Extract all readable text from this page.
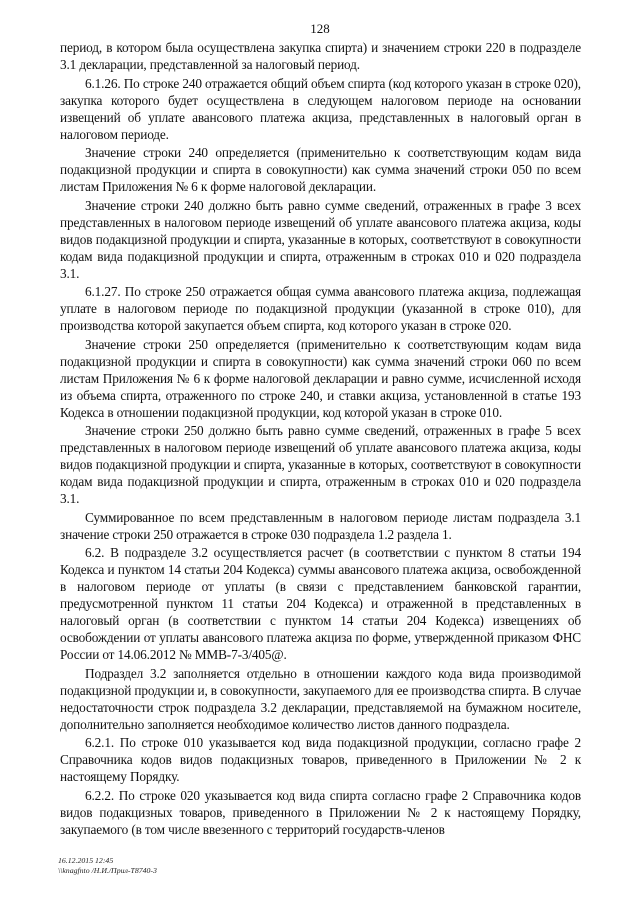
128

период, в котором была осуществлена закупка спирта) и значением строки 220 в подразделе 3.1 декларации, представленной за налоговый период.

6.1.26. По строке 240 отражается общий объем спирта (код которого указан в строке 020), закупка которого будет осуществлена в следующем налоговом периоде на основании извещений об уплате авансового платежа акциза, представленных в налоговый орган в налоговом периоде.

Значение строки 240 определяется (применительно к соответствующим кодам вида подакцизной продукции и спирта в совокупности) как сумма значений строки 050 по всем листам Приложения № 6 к форме налоговой декларации.

Значение строки 240 должно быть равно сумме сведений, отраженных в графе 3 всех представленных в налоговом периоде извещений об уплате авансового платежа акциза, коды видов подакцизной продукции и спирта, указанные в которых, соответствуют в совокупности кодам вида подакцизной продукции и спирта, отраженным в строках 010 и 020 подраздела 3.1.

6.1.27. По строке 250 отражается общая сумма авансового платежа акциза, подлежащая уплате в налоговом периоде по подакцизной продукции (указанной в строке 010), для производства которой закупается объем спирта, код которого указан в строке 020.

Значение строки 250 определяется (применительно к соответствующим кодам вида подакцизной продукции и спирта в совокупности) как сумма значений строки 060 по всем листам Приложения № 6 к форме налоговой декларации и равно сумме, исчисленной исходя из объема спирта, отраженного по строке 240, и ставки акциза, установленной в статье 193 Кодекса в отношении подакцизной продукции, код которой указан в строке 010.

Значение строки 250 должно быть равно сумме сведений, отраженных в графе 5 всех представленных в налоговом периоде извещений об уплате авансового платежа акциза, коды видов подакцизной продукции и спирта, указанные в которых, соответствуют в совокупности кодам вида подакцизной продукции и спирта, отраженным в строках 010 и 020 подраздела 3.1.

Суммированное по всем представленным в налоговом периоде листам подраздела 3.1 значение строки 250 отражается в строке 030 подраздела 1.2 раздела 1.

6.2. В подразделе 3.2 осуществляется расчет (в соответствии с пунктом 8 статьи 194 Кодекса и пунктом 14 статьи 204 Кодекса) суммы авансового платежа акциза, освобожденной в налоговом периоде от уплаты (в связи с представлением банковской гарантии, предусмотренной пунктом 11 статьи 204 Кодекса) и отраженной в представленных в налоговый орган (в соответствии с пунктом 14 статьи 204 Кодекса) извещениях об освобождении от уплаты авансового платежа акциза по форме, утвержденной приказом ФНС России от 14.06.2012 № ММВ-7-3/405@.

Подраздел 3.2 заполняется отдельно в отношении каждого кода вида производимой подакцизной продукции и, в совокупности, закупаемого для ее производства спирта. В случае недостаточности строк подраздела 3.2 декларации, представляемой на бумажном носителе, дополнительно заполняется необходимое количество листов данного подраздела.

6.2.1. По строке 010 указывается код вида подакцизной продукции, согласно графе 2 Справочника кодов видов подакцизных товаров, приведенного в Приложении № 2 к настоящему Порядку.

6.2.2. По строке 020 указывается код вида спирта согласно графе 2 Справочника кодов видов подакцизных товаров, приведенного в Приложении № 2 к настоящему Порядку, закупаемого (в том числе ввезенного с территорий государств-членов

16.12.2015 12:45
\\knagfnto /Н.И./Прил-Т8740-3
